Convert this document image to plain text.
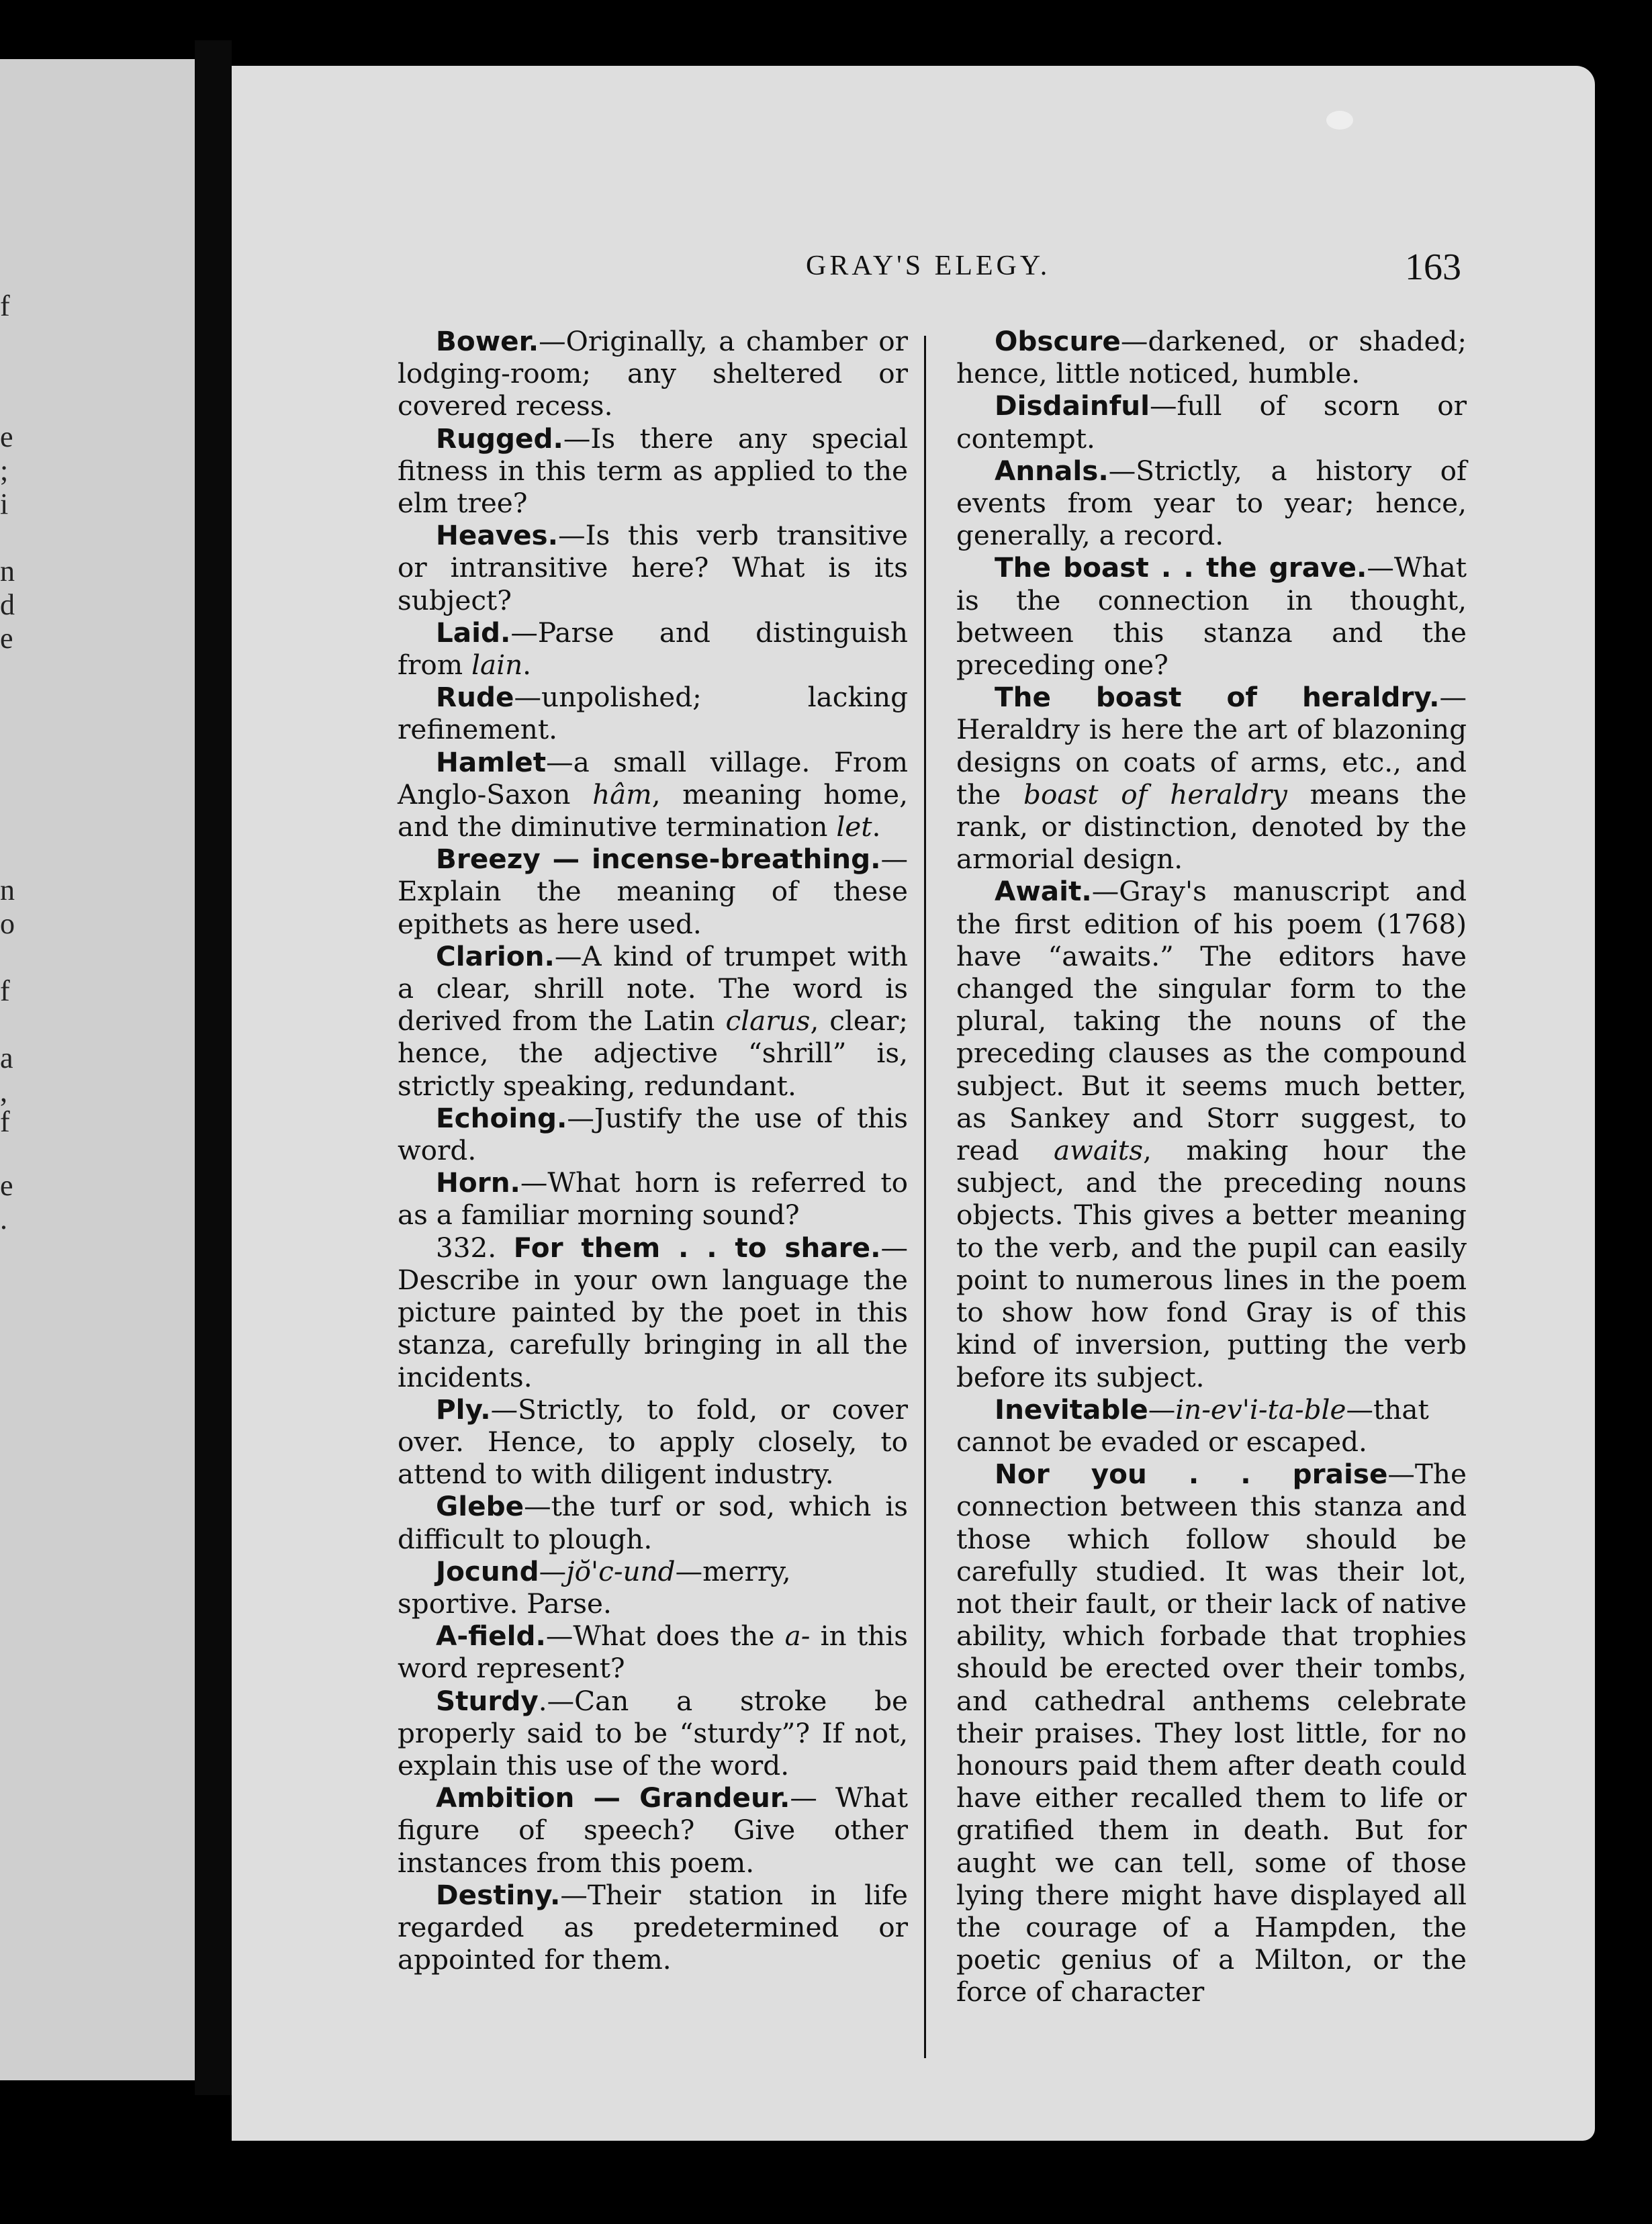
f
e
;
i
n
d
e
n
o
f
a
,
f
e
.
GRAY'S ELEGY.	163

Bower.—Originally, a chamber or lodging-room; any sheltered or covered recess.

Rugged.—Is there any special fitness in this term as applied to the elm tree?

Heaves.—Is this verb transitive or intransitive here? What is its subject?

Laid.—Parse and distinguish from lain.

Rude—unpolished; lacking refinement.

Hamlet—a small village. From Anglo-Saxon hâm, meaning home, and the diminutive termination let.

Breezy — incense-breathing.—Explain the meaning of these epithets as here used.

Clarion.—A kind of trumpet with a clear, shrill note. The word is derived from the Latin clarus, clear; hence, the adjective “shrill” is, strictly speaking, redundant.

Echoing.—Justify the use of this word.

Horn.—What horn is referred to as a familiar morning sound?

332. For them . . to share.—Describe in your own language the picture painted by the poet in this stanza, carefully bringing in all the incidents.

Ply.—Strictly, to fold, or cover over. Hence, to apply closely, to attend to with diligent industry.

Glebe—the turf or sod, which is difficult to plough.

Jocund—jŏ'c-und—merry, sportive. Parse.

A-field.—What does the a- in this word represent?

Sturdy.—Can a stroke be properly said to be “sturdy”? If not, explain this use of the word.

Ambition — Grandeur.— What figure of speech? Give other instances from this poem.

Destiny.—Their station in life regarded as predetermined or appointed for them.

Obscure—darkened, or shaded; hence, little noticed, humble.

Disdainful—full of scorn or contempt.

Annals.—Strictly, a history of events from year to year; hence, generally, a record.

The boast . . the grave.—What is the connection in thought, between this stanza and the preceding one?

The boast of heraldry.—Heraldry is here the art of blazoning designs on coats of arms, etc., and the boast of heraldry means the rank, or distinction, denoted by the armorial design.

Await.—Gray's manuscript and the first edition of his poem (1768) have “awaits.” The editors have changed the singular form to the plural, taking the nouns of the preceding clauses as the compound subject. But it seems much better, as Sankey and Storr suggest, to read awaits, making hour the subject, and the preceding nouns objects. This gives a better meaning to the verb, and the pupil can easily point to numerous lines in the poem to show how fond Gray is of this kind of inversion, putting the verb before its subject.

Inevitable—in-ev'i-ta-ble—that cannot be evaded or escaped.

Nor you . . praise—The connection between this stanza and those which follow should be carefully studied. It was their lot, not their fault, or their lack of native ability, which forbade that trophies should be erected over their tombs, and cathedral anthems celebrate their praises. They lost little, for no honours paid them after death could have either recalled them to life or gratified them in death. But for aught we can tell, some of those lying there might have displayed all the courage of a Hampden, the poetic genius of a Milton, or the force of character
